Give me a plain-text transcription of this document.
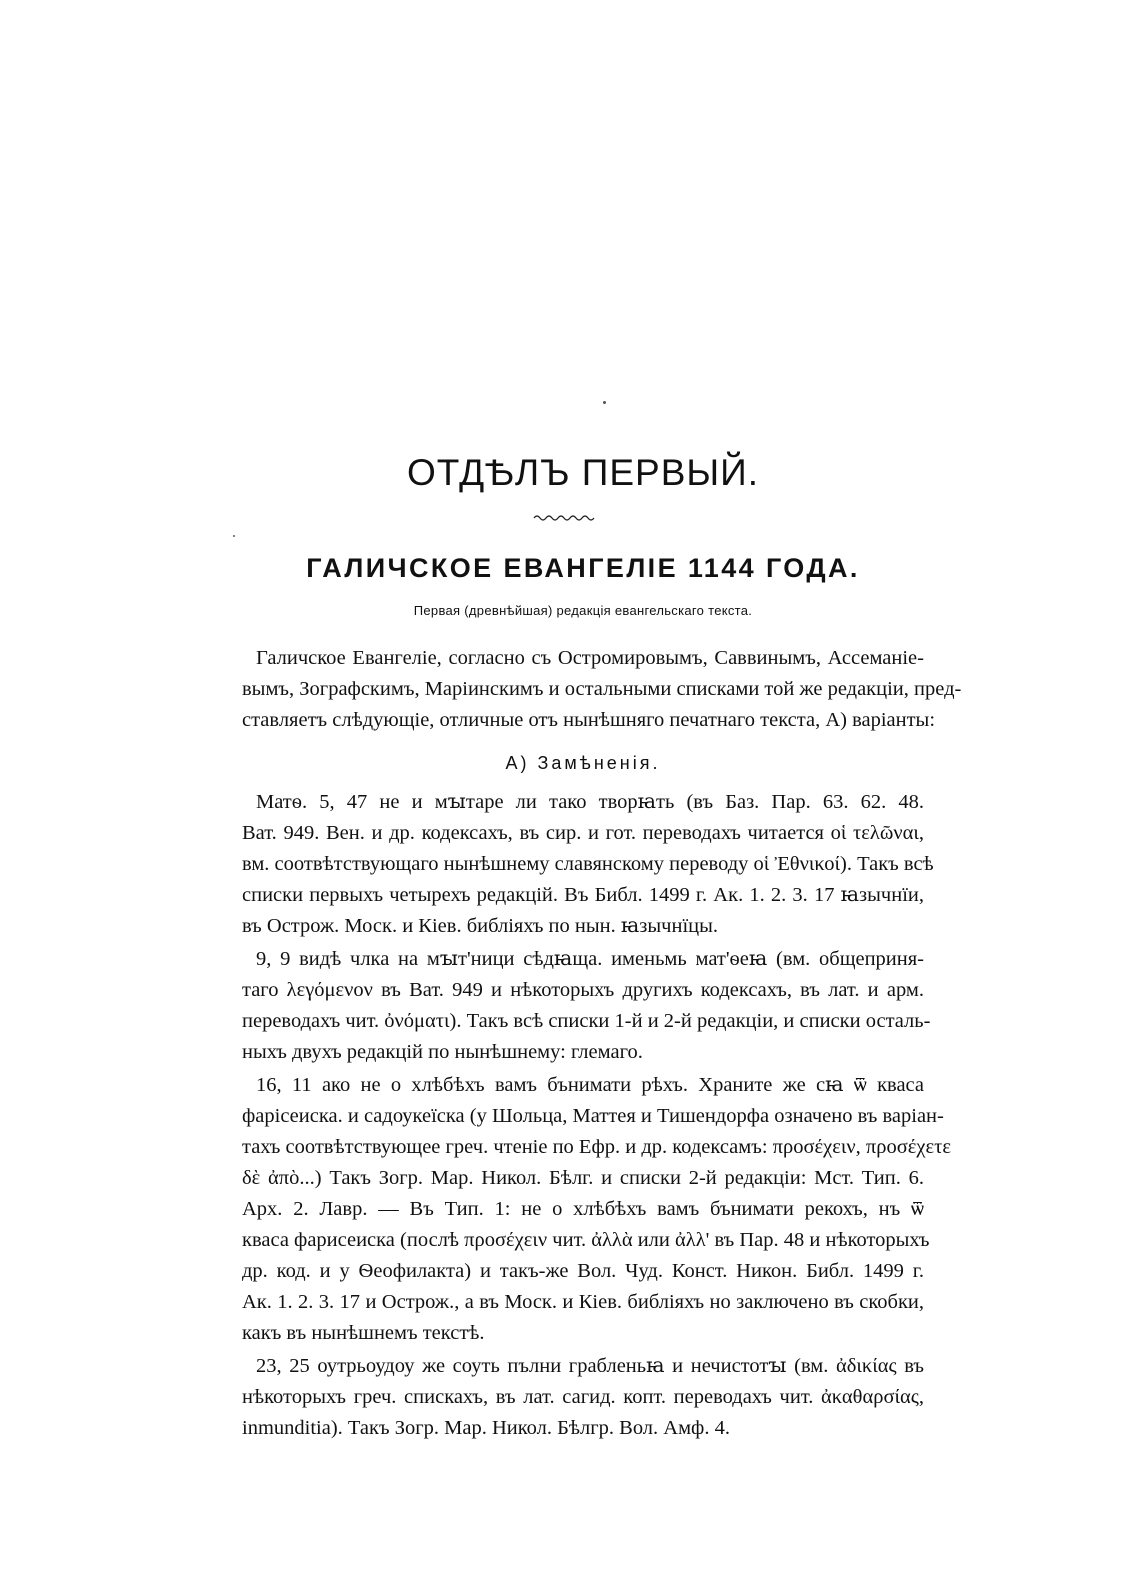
ОТДѢЛЪ ПЕРВЫЙ.
ГАЛИЧСКОЕ ЕВАНГЕЛІЕ 1144 ГОДА.
Первая (древнѣйшая) редакція евангельскаго текста.
Галичское Евангеліе, согласно съ Остромировымъ, Саввинымъ, Ассеманіе-
вымъ, Зографскимъ, Маріинскимъ и остальными списками той же редакціи, пред-
ставляетъ слѣдующіе, отличные отъ нынѣшняго печатнаго текста, А) варіанты:
А) Замѣненія.
Матѳ. 5, 47 не и мꙑтаре ли тако творꙗть (въ Баз. Пар. 63. 62. 48.
Ват. 949. Вен. и др. кодексахъ, въ сир. и гот. переводахъ читается οἱ τελῶναι,
вм. соотвѣтствующаго нынѣшнему славянскому переводу οἱ Ἐθνικοί). Такъ всѣ
списки первыхъ четырехъ редакцій. Въ Библ. 1499 г. Ак. 1. 2. 3. 17 ꙗзычнїи,
въ Острож. Моск. и Кіев. библіяхъ по нын. ꙗзычнїцы.
9, 9 видѣ члка на мꙑт'ници сѣдꙗща. именьмь мат'ѳеꙗ (вм. общеприня-
таго λεγόμενον въ Ват. 949 и нѣкоторыхъ другихъ кодексахъ, въ лат. и арм.
переводахъ чит. ὀνόματι). Такъ всѣ списки 1-й и 2-й редакціи, и списки осталь-
ныхъ двухъ редакцій по нынѣшнему: глемаго.
16, 11 ако не о хлѣбѣхъ вамъ бънимати рѣхъ. Храните же сꙗ ѿ кваса
фарісеиска. и садоукеїска (у Шольца, Маттея и Тишендорфа означено въ варіан-
тахъ соотвѣтствующее греч. чтеніе по Ефр. и др. кодексамъ: προσέχειν, προσέχετε
δὲ ἀπὸ...) Такъ Зогр. Мар. Никол. Бѣлг. и списки 2-й редакціи: Мст. Тип. 6.
Арх. 2. Лавр. — Въ Тип. 1: не о хлѣбѣхъ вамъ бънимати рекохъ, нъ ѿ
кваса фарисеиска (послѣ προσέχειν чит. ἀλλὰ или ἀλλ' въ Пар. 48 и нѣкоторыхъ
др. код. и у Ѳеофилакта) и такъ-же Вол. Чуд. Конст. Никон. Библ. 1499 г.
Ак. 1. 2. 3. 17 и Острож., а въ Моск. и Кіев. библіяхъ но заключено въ скобки,
какъ въ нынѣшнемъ текстѣ.
23, 25 оутрьоудоу же соуть пълни грабленьꙗ и нечистотꙑ (вм. ἀδικίας въ
нѣкоторыхъ греч. спискахъ, въ лат. сагид. копт. переводахъ чит. ἀκαθαρσίας,
inmunditia). Такъ Зогр. Мар. Никол. Бѣлгр. Вол. Амф. 4.
